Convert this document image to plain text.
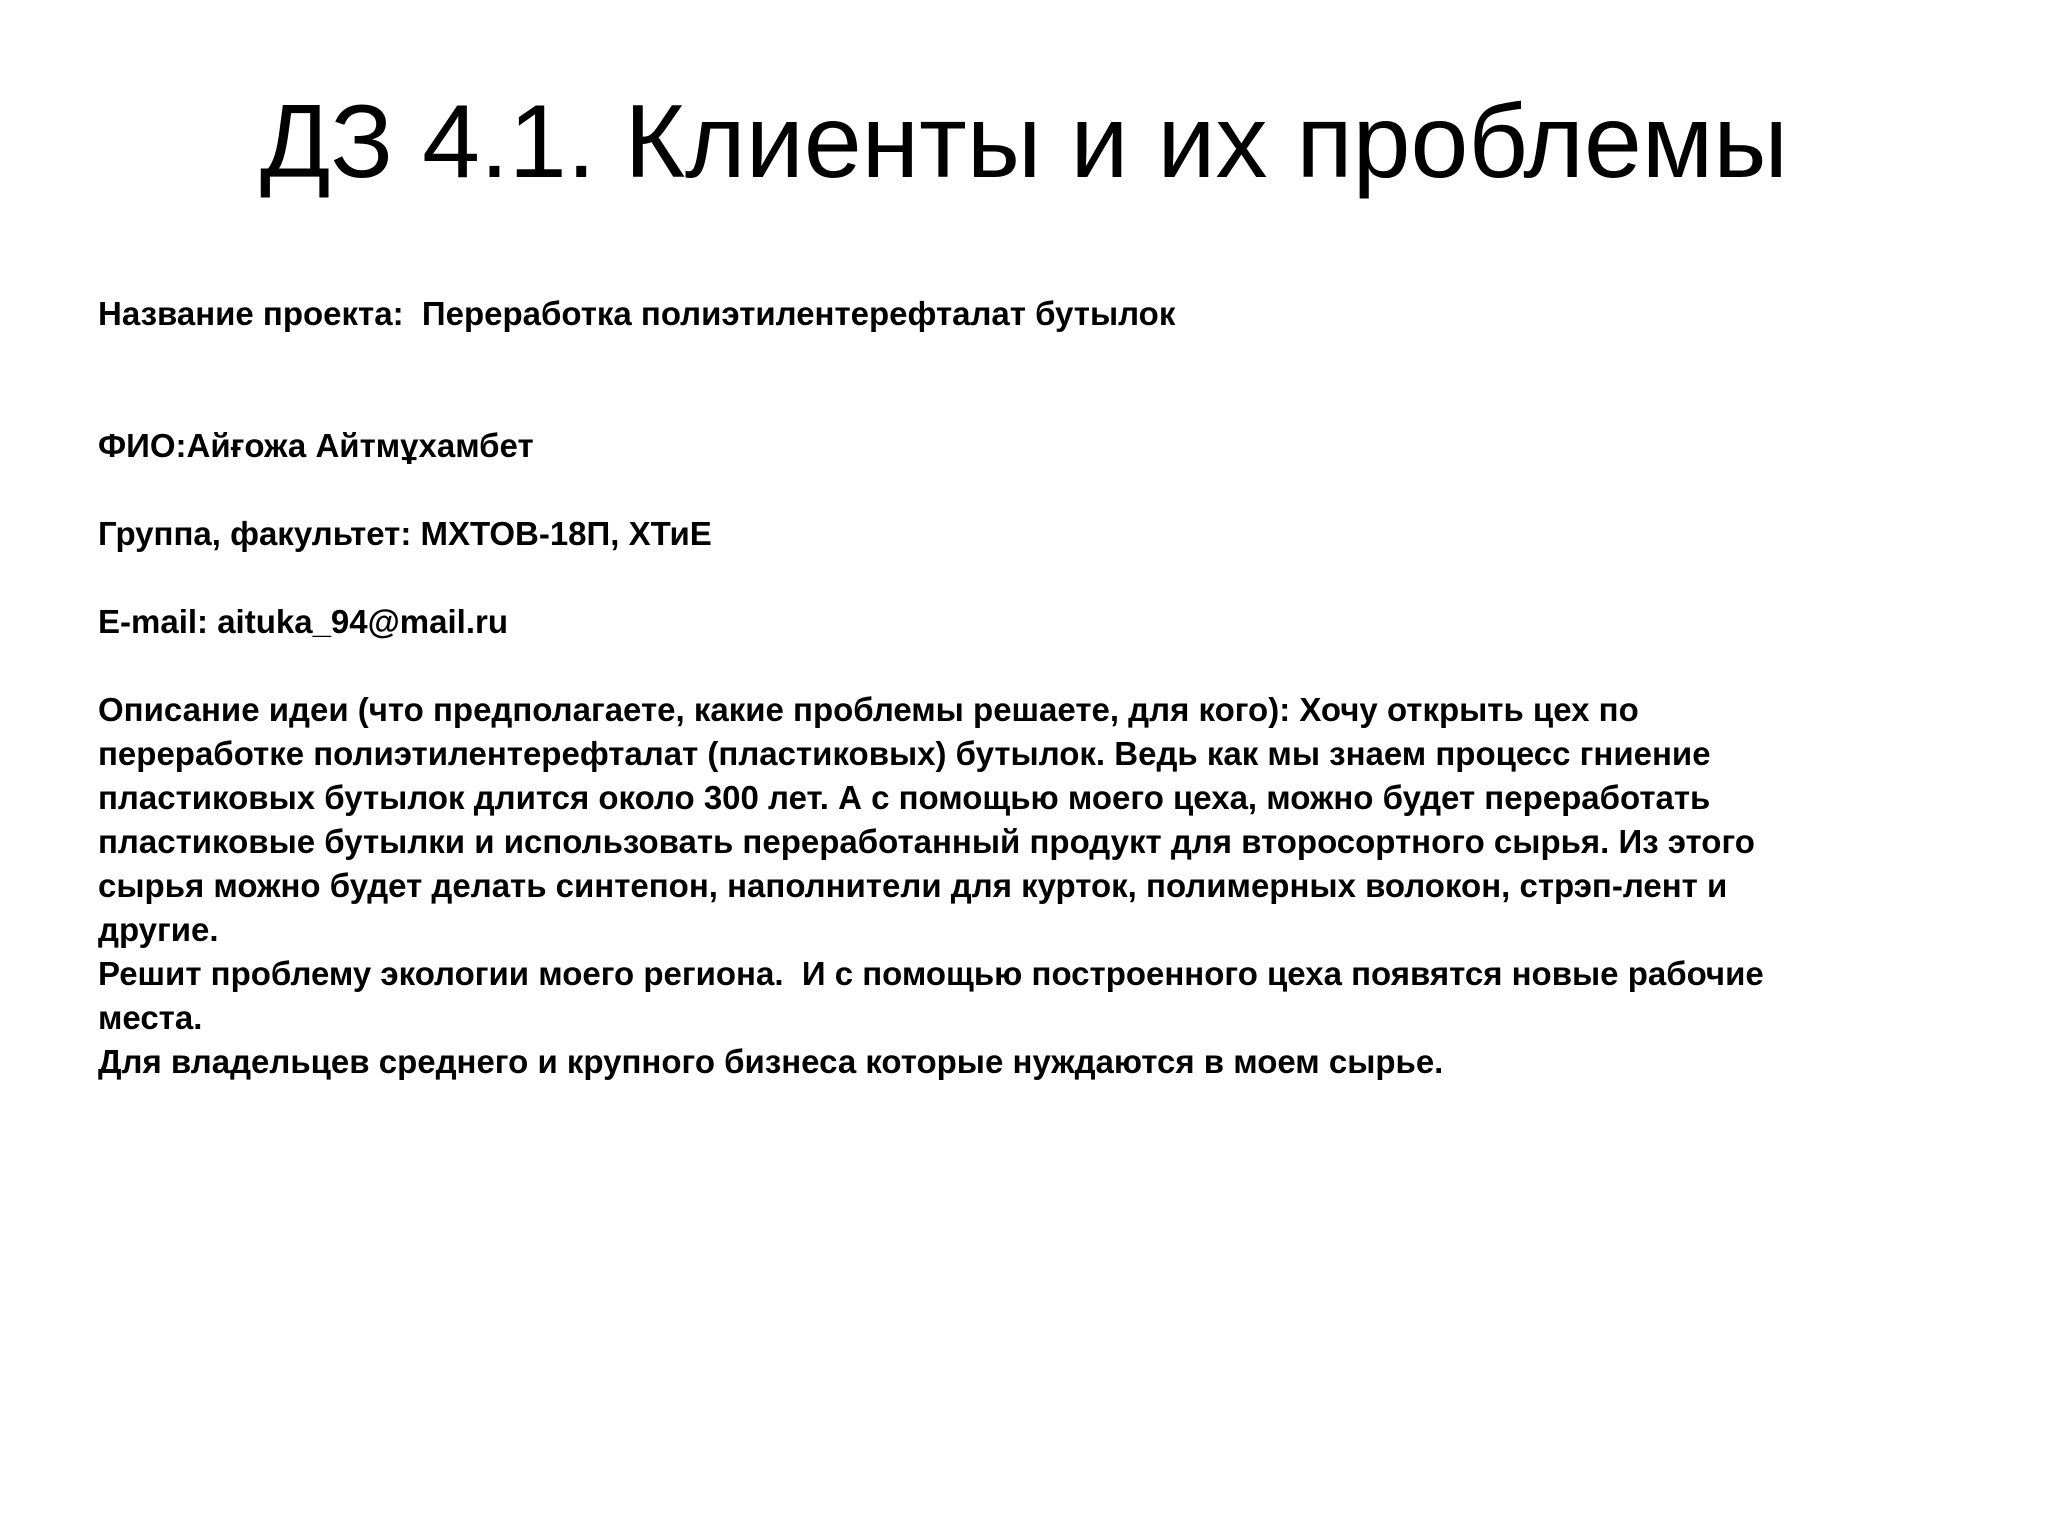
ДЗ 4.1. Клиенты и их проблемы
Название проекта:  Переработка полиэтилентерефталат бутылок
ФИО:Айғожа Айтмұхамбет
Группа, факультет: МХТОВ-18П, ХТиЕ
E-mail: aituka_94@mail.ru
Описание идеи (что предполагаете, какие проблемы решаете, для кого): Хочу открыть цех по
переработке полиэтилентерефталат (пластиковых) бутылок. Ведь как мы знаем процесс гниение
пластиковых бутылок длится около 300 лет. А с помощью моего цеха, можно будет переработать
пластиковые бутылки и использовать переработанный продукт для второсортного сырья. Из этого
сырья можно будет делать синтепон, наполнители для курток, полимерных волокон, стрэп-лент и
другие.
Решит проблему экологии моего региона.  И с помощью построенного цеха появятся новые рабочие
места.
Для владельцев среднего и крупного бизнеса которые нуждаются в моем сырье.
